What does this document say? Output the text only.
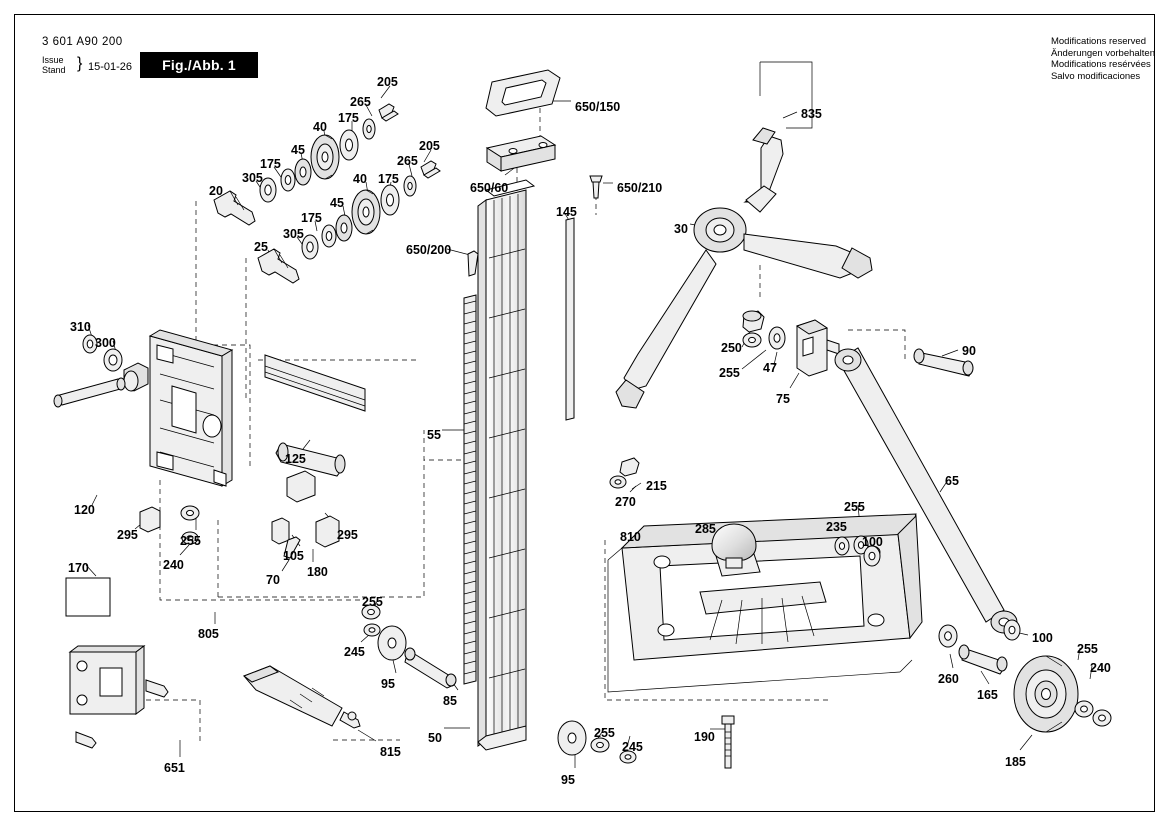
3 601 A90 200
Issue
Stand } 15-01-26	Fig./Abb. 1
Modifications reserved
Änderungen vorbehalten
Modifications resérvées
Salvo modificaciones
205
265
175
40
45
175
205
265
305
20
40 175
45
175
305
25
650/150
650/60	650/210
650/200
145
835
30
250
47
255
75
90
310
300
55
125
120
295	255
240
295
105
180
70
170
805
255
245
95
85
50
95
255
245
215
270
810
285	235
255
100
65
100
255
240
260
165
185
190
815
651
